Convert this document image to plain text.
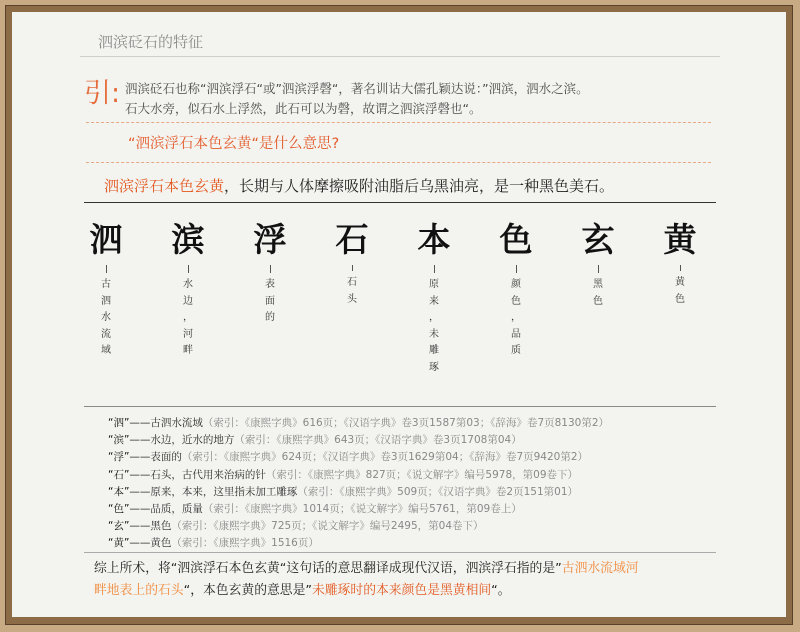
泗滨砭石的特征
引: 泗滨砭石也称“泗滨浮石“或”泗滨浮磬“，著名训诂大儒孔颖达说：”泗滨，泗水之滨。
石大水旁，似石水上浮然，此石可以为磬，故谓之泗滨浮磬也“。
“泗滨浮石本色玄黄“是什么意思?
泗滨浮石本色玄黄，长期与人体摩擦吸附油脂后乌黑油亮，是一种黑色美石。
泗
古
泗
水
流
域
滨
水
边
，
河
畔
浮
表
面
的
石
石
头
本
原
来
，
未
雕
琢
色
颜
色
，
品
质
玄
黑
色
黄
黄
色
“泗”——古泗水流域（索引：《康熙字典》616页；《汉语字典》卷3页1587第03；《辞海》卷7页8130第2）
“滨”——水边，近水的地方（索引：《康熙字典》643页；《汉语字典》卷3页1708第04）
“浮”——表面的（索引：《康熙字典》624页；《汉语字典》卷3页1629第04；《辞海》卷7页9420第2）
“石”——石头，古代用来治病的针（索引：《康熙字典》827页；《说文解字》编号5978，第09卷下）
“本”——原来，本来，这里指未加工雕琢（索引：《康熙字典》509页；《汉语字典》卷2页151第01）
“色”——品质，质量（索引：《康熙字典》1014页；《说文解字》编号5761，第09卷上）
“玄”——黑色（索引：《康熙字典》725页；《说文解字》编号2495，第04卷下）
“黄”——黄色（索引：《康熙字典》1516页）
综上所术，将“泗滨浮石本色玄黄“这句话的意思翻译成现代汉语，泗滨浮石指的是”古泗水流域河
畔地表上的石头“，本色玄黄的意思是”未雕琢时的本来颜色是黑黄相间“。
